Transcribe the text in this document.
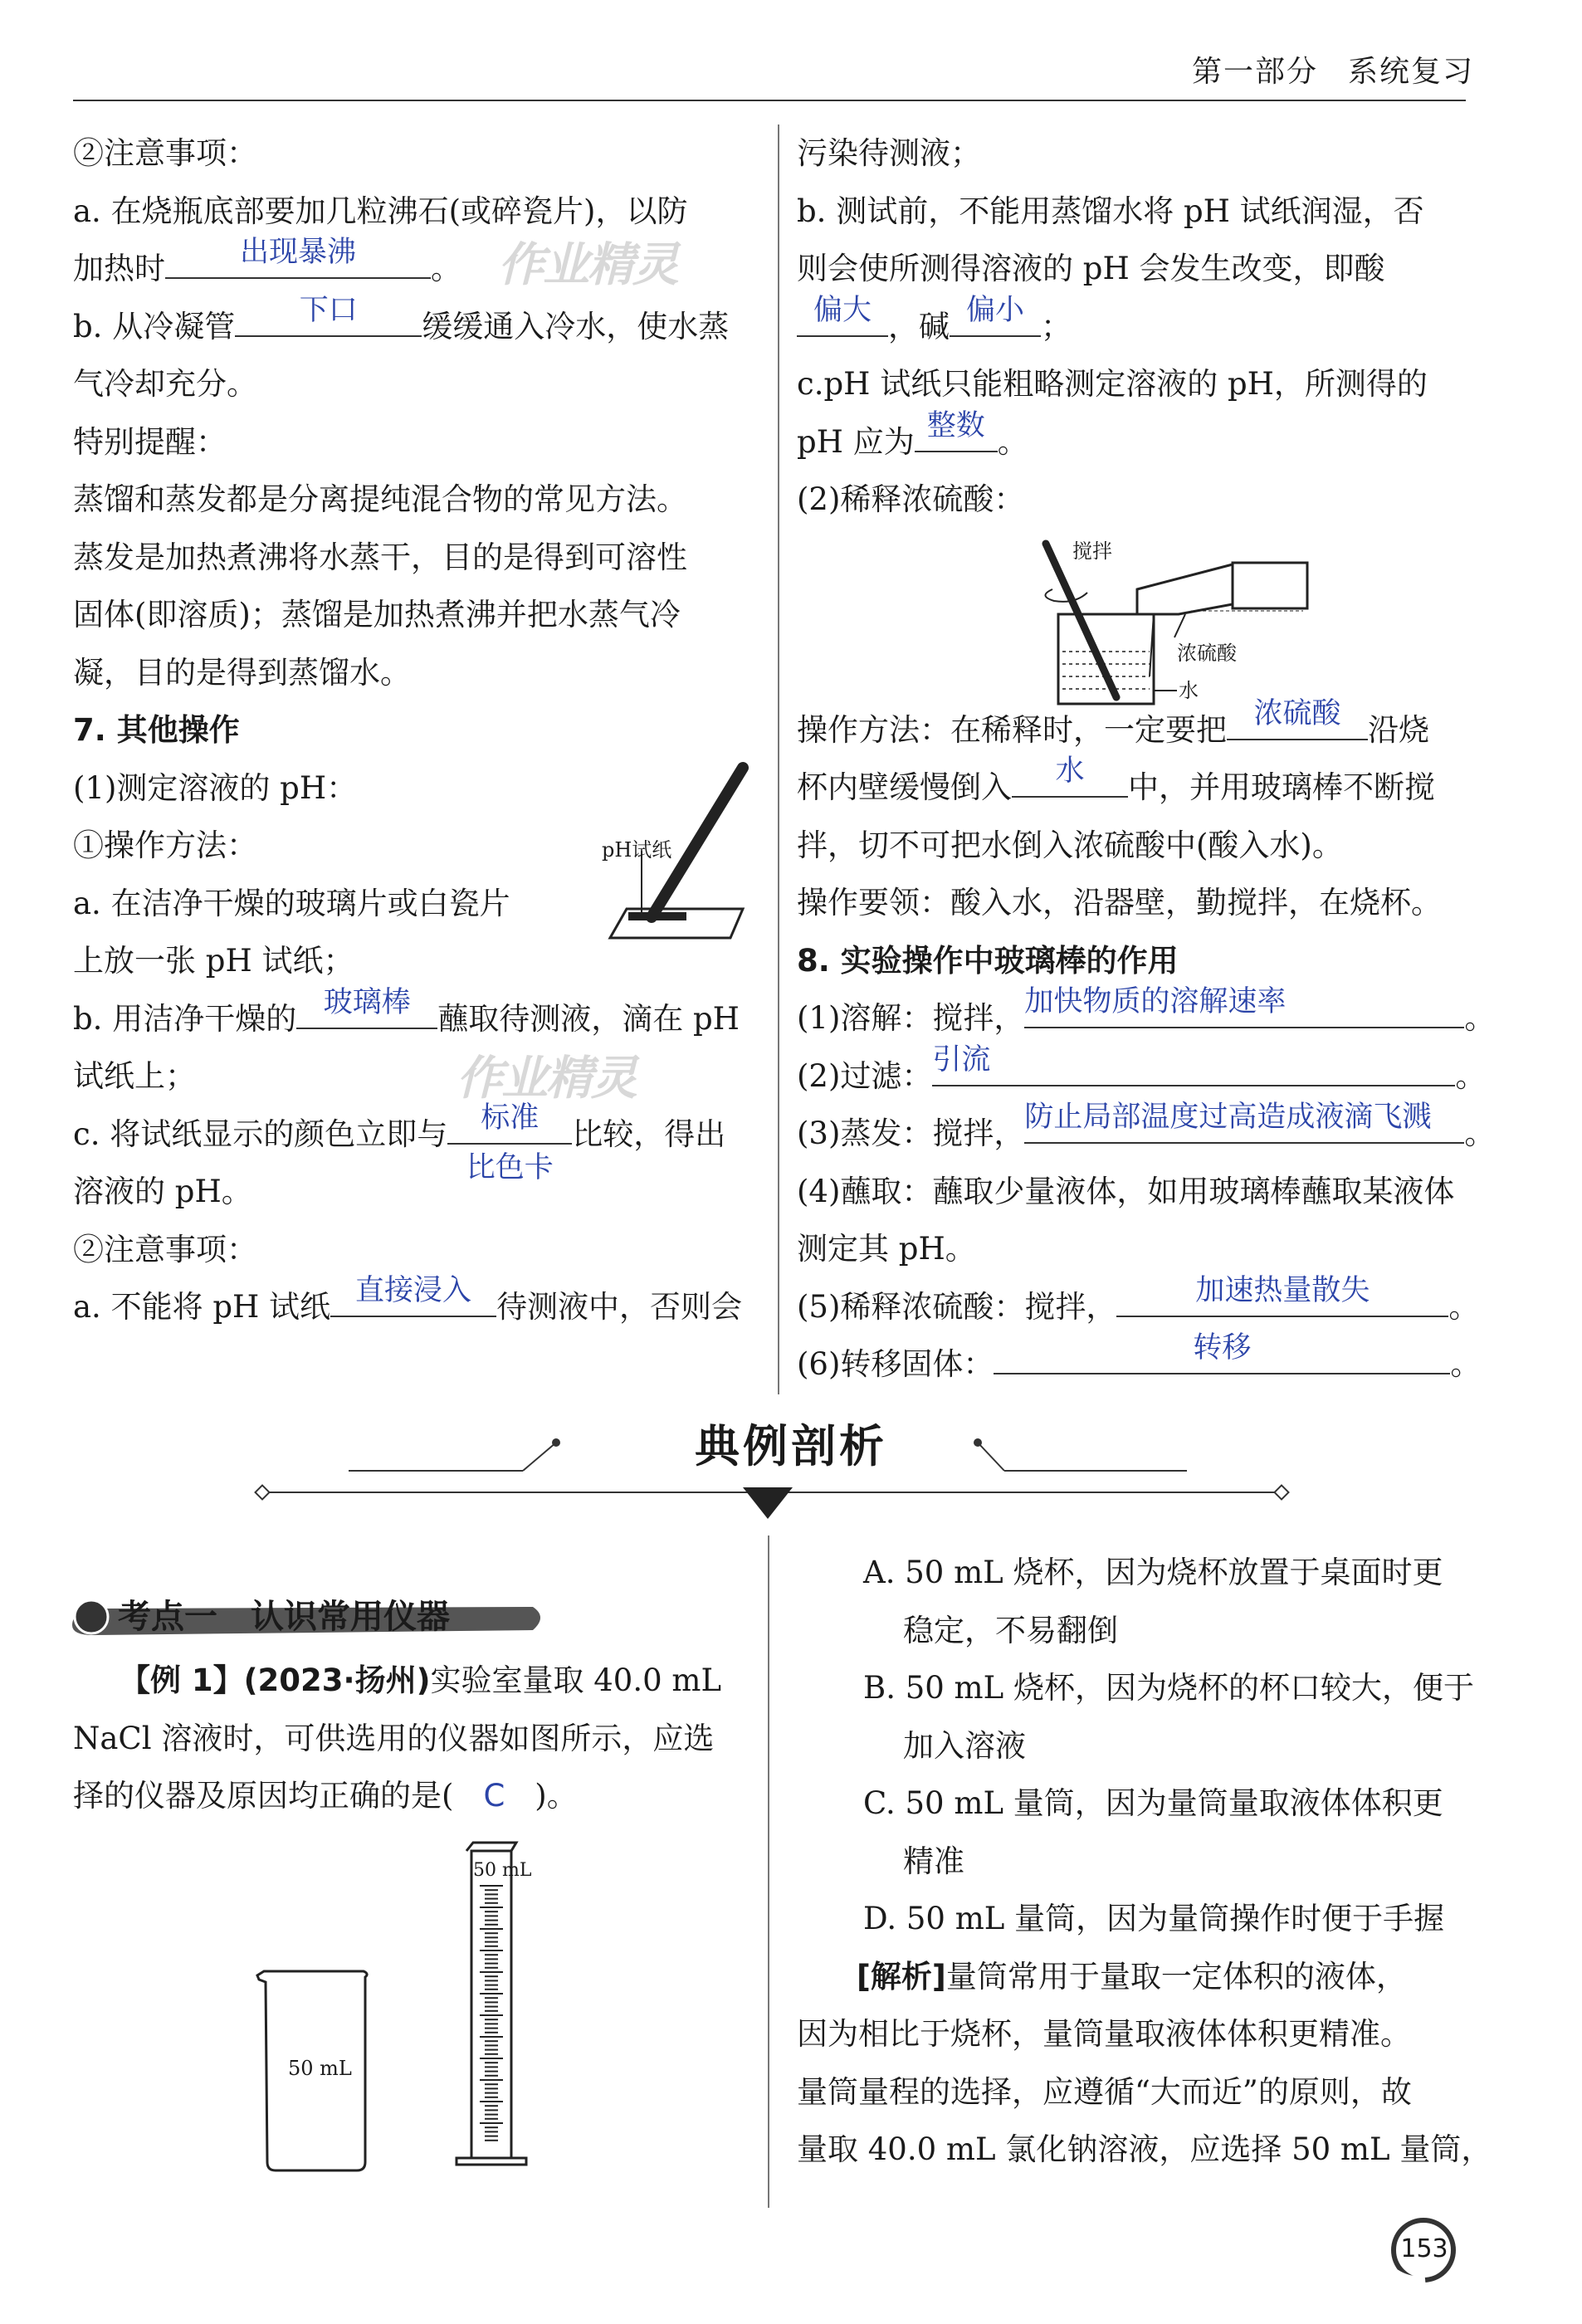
第一部分 系统复习
作业精灵
作业精灵

②注意事项：

a. 在烧瓶底部要加几粒沸石(或碎瓷片)，以防

加热时	出现暴沸	。

b. 从冷凝管	下口	缓缓通入冷水，使水蒸

气冷却充分。

特别提醒：

蒸馏和蒸发都是分离提纯混合物的常见方法。

蒸发是加热煮沸将水蒸干，目的是得到可溶性

固体(即溶质)；蒸馏是加热煮沸并把水蒸气冷

凝，目的是得到蒸馏水。

7. 其他操作

(1)测定溶液的 pH：

①操作方法：

a. 在洁净干燥的玻璃片或白瓷片

上放一张 pH 试纸；

b. 用洁净干燥的 玻璃棒 蘸取待测液，滴在 pH

试纸上；

c. 将试纸显示的颜色立即与	标准
比色卡
比较，得出

溶液的 pH。

②注意事项：

a. 不能将 pH 试纸 直接浸入 待测液中，否则会

pH试纸

污染待测液；

b. 测试前，不能用蒸馏水将 pH 试纸润湿，否

则会使所测得溶液的 pH 会发生改变，即酸

偏大 ，碱 偏小 ；

c.pH 试纸只能粗略测定溶液的 pH，所测得的

pH 应为 整数 。

(2)稀释浓硫酸：

操作方法：在稀释时，一定要把 浓硫酸 沿烧

杯内壁缓慢倒入	水	中，并用玻璃棒不断搅

拌，切不可把水倒入浓硫酸中(酸入水)。

操作要领：酸入水，沿器壁，勤搅拌，在烧杯。

8. 实验操作中玻璃棒的作用

(1)溶解：搅拌， 加快物质的溶解速率	。

(2)过滤： 引流	。

(3)蒸发：搅拌， 防止局部温度过高造成液滴飞溅	。

(4)蘸取：蘸取少量液体，如用玻璃棒蘸取某液体

测定其 pH。

(5)稀释浓硫酸：搅拌，	加速热量散失	。

(6)转移固体：	转移	。

搅拌
浓硫酸
水
典例剖析
考点一　认识常用仪器

【例 1】(2023·扬州)实验室量取 40.0 mL

NaCl 溶液时，可供选用的仪器如图所示，应选

择的仪器及原因均正确的是( C )。

50 mL
50 mL

A. 50 mL 烧杯，因为烧杯放置于桌面时更

稳定，不易翻倒

B. 50 mL 烧杯，因为烧杯的杯口较大，便于

加入溶液

C. 50 mL 量筒，因为量筒量取液体体积更

精准

D. 50 mL 量筒，因为量筒操作时便于手握

[解析]量筒常用于量取一定体积的液体，

因为相比于烧杯，量筒量取液体体积更精准。

量筒量程的选择，应遵循“大而近”的原则，故

量取 40.0 mL 氯化钠溶液，应选择 50 mL 量筒，

153
